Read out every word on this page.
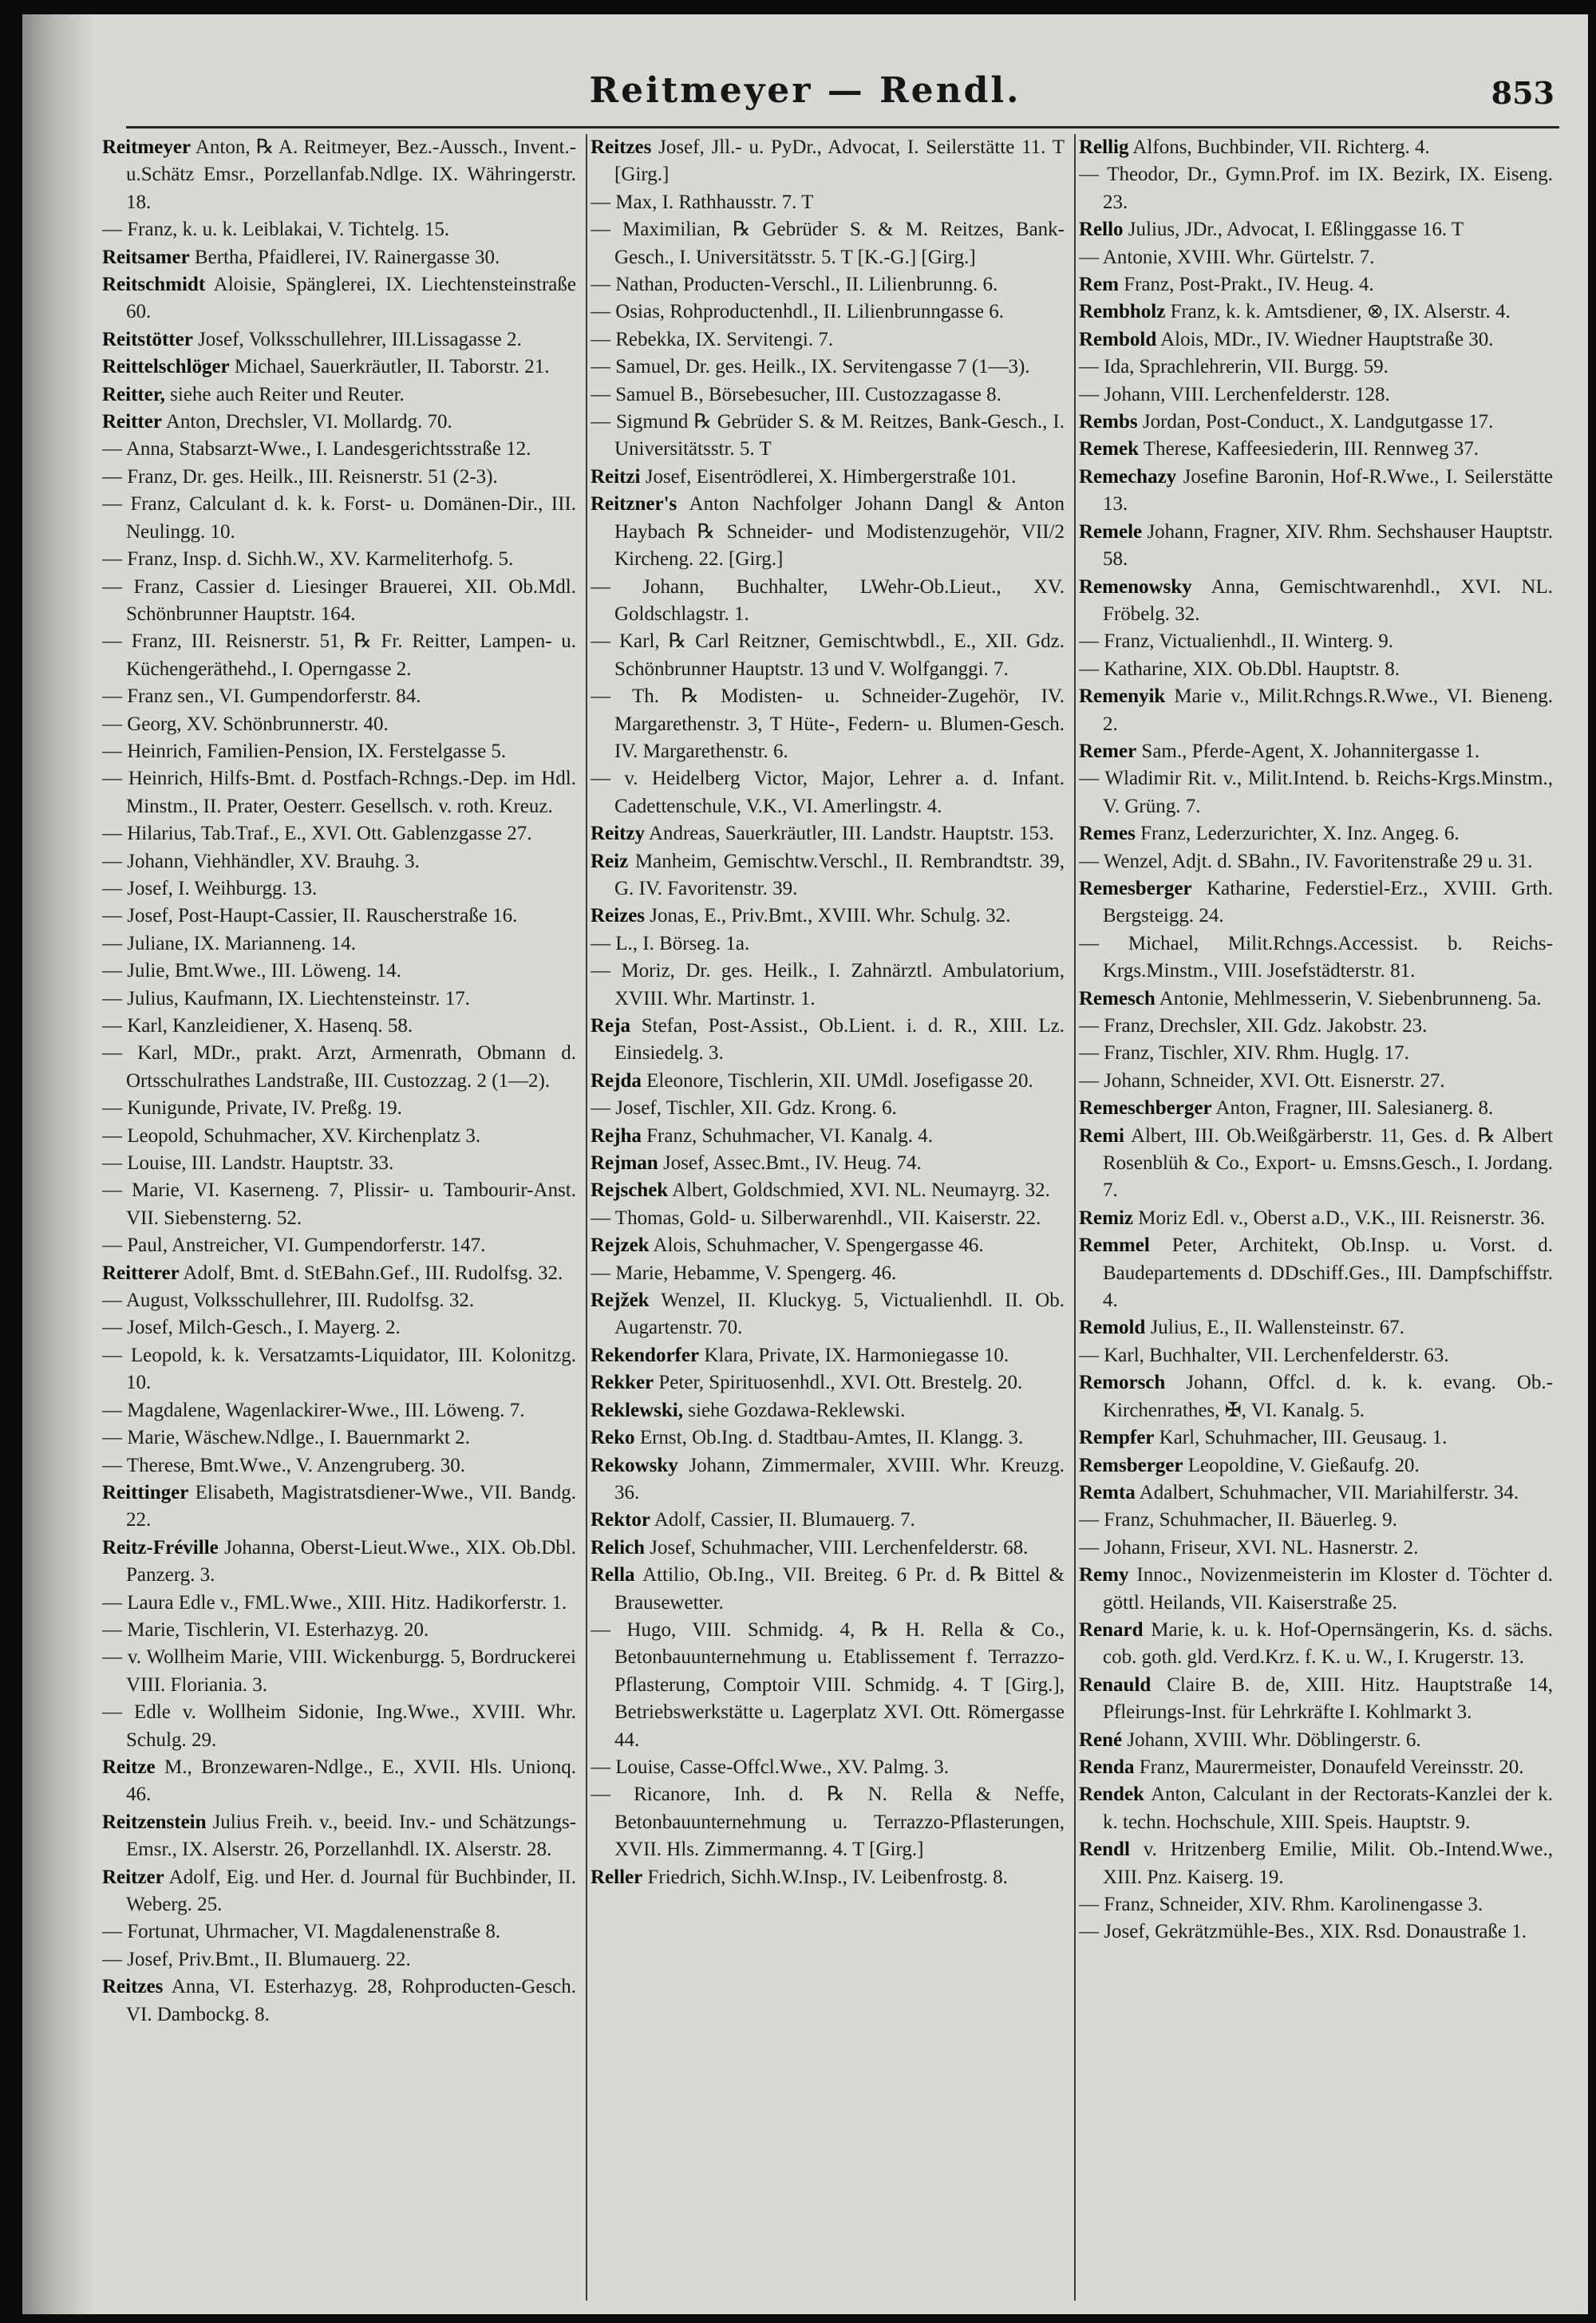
Reitmeyer — Rendl.	853

Reitmeyer Anton, ℞ A. Reitmeyer, Bez.-Aussch., Invent.-u.Schätz Emsr., Porzellanfab.Ndlge. IX. Währingerstr. 18.

— Franz, k. u. k. Leiblakai, V. Tichtelg. 15.

Reitsamer Bertha, Pfaidlerei, IV. Rainergasse 30.

Reitschmidt Aloisie, Spänglerei, IX. Liechtensteinstraße 60.

Reitstötter Josef, Volksschullehrer, III.Lissagasse 2.

Reittelschlöger Michael, Sauerkräutler, II. Taborstr. 21.

Reitter, siehe auch Reiter und Reuter.

Reitter Anton, Drechsler, VI. Mollardg. 70.

— Anna, Stabsarzt-Wwe., I. Landesgerichtsstraße 12.

— Franz, Dr. ges. Heilk., III. Reisnerstr. 51 (2-3).

— Franz, Calculant d. k. k. Forst- u. Domänen-Dir., III. Neulingg. 10.

— Franz, Insp. d. Sichh.W., XV. Karmeliterhofg. 5.

— Franz, Cassier d. Liesinger Brauerei, XII. Ob.Mdl. Schönbrunner Hauptstr. 164.

— Franz, III. Reisnerstr. 51, ℞ Fr. Reitter, Lampen- u. Küchengeräthehd., I. Operngasse 2.

— Franz sen., VI. Gumpendorferstr. 84.

— Georg, XV. Schönbrunnerstr. 40.

— Heinrich, Familien-Pension, IX. Ferstelgasse 5.

— Heinrich, Hilfs-Bmt. d. Postfach-Rchngs.-Dep. im Hdl. Minstm., II. Prater, Oesterr. Gesellsch. v. roth. Kreuz.

— Hilarius, Tab.Traf., E., XVI. Ott. Gablenzgasse 27.

— Johann, Viehhändler, XV. Brauhg. 3.

— Josef, I. Weihburgg. 13.

— Josef, Post-Haupt-Cassier, II. Rauscherstraße 16.

— Juliane, IX. Marianneng. 14.

— Julie, Bmt.Wwe., III. Löweng. 14.

— Julius, Kaufmann, IX. Liechtensteinstr. 17.

— Karl, Kanzleidiener, X. Hasenq. 58.

— Karl, MDr., prakt. Arzt, Armenrath, Obmann d. Ortsschulrathes Landstraße, III. Custozzag. 2 (1—2).

— Kunigunde, Private, IV. Preßg. 19.

— Leopold, Schuhmacher, XV. Kirchenplatz 3.

— Louise, III. Landstr. Hauptstr. 33.

— Marie, VI. Kaserneng. 7, Plissir- u. Tambourir-Anst. VII. Siebensterng. 52.

— Paul, Anstreicher, VI. Gumpendorferstr. 147.

Reitterer Adolf, Bmt. d. StEBahn.Gef., III. Rudolfsg. 32.

— August, Volksschullehrer, III. Rudolfsg. 32.

— Josef, Milch-Gesch., I. Mayerg. 2.

— Leopold, k. k. Versatzamts-Liquidator, III. Kolonitzg. 10.

— Magdalene, Wagenlackirer-Wwe., III. Löweng. 7.

— Marie, Wäschew.Ndlge., I. Bauernmarkt 2.

— Therese, Bmt.Wwe., V. Anzengruberg. 30.

Reittinger Elisabeth, Magistratsdiener-Wwe., VII. Bandg. 22.

Reitz-Fréville Johanna, Oberst-Lieut.Wwe., XIX. Ob.Dbl. Panzerg. 3.

— Laura Edle v., FML.Wwe., XIII. Hitz. Hadikorferstr. 1.

— Marie, Tischlerin, VI. Esterhazyg. 20.

— v. Wollheim Marie, VIII. Wickenburgg. 5, Bordruckerei VIII. Floriania. 3.

— Edle v. Wollheim Sidonie, Ing.Wwe., XVIII. Whr. Schulg. 29.

Reitze M., Bronzewaren-Ndlge., E., XVII. Hls. Unionq. 46.

Reitzenstein Julius Freih. v., beeid. Inv.- und Schätzungs-Emsr., IX. Alserstr. 26, Porzellanhdl. IX. Alserstr. 28.

Reitzer Adolf, Eig. und Her. d. Journal für Buchbinder, II. Weberg. 25.

— Fortunat, Uhrmacher, VI. Magdalenenstraße 8.

— Josef, Priv.Bmt., II. Blumauerg. 22.

Reitzes Anna, VI. Esterhazyg. 28, Rohproducten-Gesch. VI. Dambockg. 8.

Reitzes Josef, Jll.- u. PyDr., Advocat, I. Seilerstätte 11. T [Girg.]

— Max, I. Rathhausstr. 7. T

— Maximilian, ℞ Gebrüder S. & M. Reitzes, Bank-Gesch., I. Universitätsstr. 5. T [K.-G.] [Girg.]

— Nathan, Producten-Verschl., II. Lilienbrunng. 6.

— Osias, Rohproductenhdl., II. Lilienbrunngasse 6.

— Rebekka, IX. Servitengi. 7.

— Samuel, Dr. ges. Heilk., IX. Servitengasse 7 (1—3).

— Samuel B., Börsebesucher, III. Custozzagasse 8.

— Sigmund ℞ Gebrüder S. & M. Reitzes, Bank-Gesch., I. Universitätsstr. 5. T

Reitzi Josef, Eisentrödlerei, X. Himbergerstraße 101.

Reitzner's Anton Nachfolger Johann Dangl & Anton Haybach ℞ Schneider- und Modistenzugehör, VII/2 Kircheng. 22. [Girg.]

— Johann, Buchhalter, LWehr-Ob.Lieut., XV. Goldschlagstr. 1.

— Karl, ℞ Carl Reitzner, Gemischtwbdl., E., XII. Gdz. Schönbrunner Hauptstr. 13 und V. Wolfganggi. 7.

— Th. ℞ Modisten- u. Schneider-Zugehör, IV. Margarethenstr. 3, T Hüte-, Federn- u. Blumen-Gesch. IV. Margarethenstr. 6.

— v. Heidelberg Victor, Major, Lehrer a. d. Infant. Cadettenschule, V.K., VI. Amerlingstr. 4.

Reitzy Andreas, Sauerkräutler, III. Landstr. Hauptstr. 153.

Reiz Manheim, Gemischtw.Verschl., II. Rembrandtstr. 39, G. IV. Favoritenstr. 39.

Reizes Jonas, E., Priv.Bmt., XVIII. Whr. Schulg. 32.

— L., I. Börseg. 1a.

— Moriz, Dr. ges. Heilk., I. Zahnärztl. Ambulatorium, XVIII. Whr. Martinstr. 1.

Reja Stefan, Post-Assist., Ob.Lient. i. d. R., XIII. Lz. Einsiedelg. 3.

Rejda Eleonore, Tischlerin, XII. UMdl. Josefigasse 20.

— Josef, Tischler, XII. Gdz. Krong. 6.

Rejha Franz, Schuhmacher, VI. Kanalg. 4.

Rejman Josef, Assec.Bmt., IV. Heug. 74.

Rejschek Albert, Goldschmied, XVI. NL. Neumayrg. 32.

— Thomas, Gold- u. Silberwarenhdl., VII. Kaiserstr. 22.

Rejzek Alois, Schuhmacher, V. Spengergasse 46.

— Marie, Hebamme, V. Spengerg. 46.

Rejžek Wenzel, II. Kluckyg. 5, Victualienhdl. II. Ob. Augartenstr. 70.

Rekendorfer Klara, Private, IX. Harmoniegasse 10.

Rekker Peter, Spirituosenhdl., XVI. Ott. Brestelg. 20.

Reklewski, siehe Gozdawa-Reklewski.

Reko Ernst, Ob.Ing. d. Stadtbau-Amtes, II. Klangg. 3.

Rekowsky Johann, Zimmermaler, XVIII. Whr. Kreuzg. 36.

Rektor Adolf, Cassier, II. Blumauerg. 7.

Relich Josef, Schuhmacher, VIII. Lerchenfelderstr. 68.

Rella Attilio, Ob.Ing., VII. Breiteg. 6 Pr. d. ℞ Bittel & Brausewetter.

— Hugo, VIII. Schmidg. 4, ℞ H. Rella & Co., Betonbauunternehmung u. Etablissement f. Terrazzo-Pflasterung, Comptoir VIII. Schmidg. 4. T [Girg.], Betriebswerkstätte u. Lagerplatz XVI. Ott. Römergasse 44.

— Louise, Casse-Offcl.Wwe., XV. Palmg. 3.

— Ricanore, Inh. d. ℞ N. Rella & Neffe, Betonbauunternehmung u. Terrazzo-Pflasterungen, XVII. Hls. Zimmermanng. 4. T [Girg.]

Reller Friedrich, Sichh.W.Insp., IV. Leibenfrostg. 8.

Rellig Alfons, Buchbinder, VII. Richterg. 4.

— Theodor, Dr., Gymn.Prof. im IX. Bezirk, IX. Eiseng. 23.

Rello Julius, JDr., Advocat, I. Eßlinggasse 16. T

— Antonie, XVIII. Whr. Gürtelstr. 7.

Rem Franz, Post-Prakt., IV. Heug. 4.

Rembholz Franz, k. k. Amtsdiener, ⊗, IX. Alserstr. 4.

Rembold Alois, MDr., IV. Wiedner Hauptstraße 30.

— Ida, Sprachlehrerin, VII. Burgg. 59.

— Johann, VIII. Lerchenfelderstr. 128.

Rembs Jordan, Post-Conduct., X. Landgutgasse 17.

Remek Therese, Kaffeesiederin, III. Rennweg 37.

Remechazy Josefine Baronin, Hof-R.Wwe., I. Seilerstätte 13.

Remele Johann, Fragner, XIV. Rhm. Sechshauser Hauptstr. 58.

Remenowsky Anna, Gemischtwarenhdl., XVI. NL. Fröbelg. 32.

— Franz, Victualienhdl., II. Winterg. 9.

— Katharine, XIX. Ob.Dbl. Hauptstr. 8.

Remenyik Marie v., Milit.Rchngs.R.Wwe., VI. Bieneng. 2.

Remer Sam., Pferde-Agent, X. Johannitergasse 1.

— Wladimir Rit. v., Milit.Intend. b. Reichs-Krgs.Minstm., V. Grüng. 7.

Remes Franz, Lederzurichter, X. Inz. Angeg. 6.

— Wenzel, Adjt. d. SBahn., IV. Favoritenstraße 29 u. 31.

Remesberger Katharine, Federstiel-Erz., XVIII. Grth. Bergsteigg. 24.

— Michael, Milit.Rchngs.Accessist. b. Reichs-Krgs.Minstm., VIII. Josefstädterstr. 81.

Remesch Antonie, Mehlmesserin, V. Siebenbrunneng. 5a.

— Franz, Drechsler, XII. Gdz. Jakobstr. 23.

— Franz, Tischler, XIV. Rhm. Huglg. 17.

— Johann, Schneider, XVI. Ott. Eisnerstr. 27.

Remeschberger Anton, Fragner, III. Salesianerg. 8.

Remi Albert, III. Ob.Weißgärberstr. 11, Ges. d. ℞ Albert Rosenblüh & Co., Export- u. Emsns.Gesch., I. Jordang. 7.

Remiz Moriz Edl. v., Oberst a.D., V.K., III. Reisnerstr. 36.

Remmel Peter, Architekt, Ob.Insp. u. Vorst. d. Baudepartements d. DDschiff.Ges., III. Dampfschiffstr. 4.

Remold Julius, E., II. Wallensteinstr. 67.

— Karl, Buchhalter, VII. Lerchenfelderstr. 63.

Remorsch Johann, Offcl. d. k. k. evang. Ob.-Kirchenrathes, ✠, VI. Kanalg. 5.

Rempfer Karl, Schuhmacher, III. Geusaug. 1.

Remsberger Leopoldine, V. Gießaufg. 20.

Remta Adalbert, Schuhmacher, VII. Mariahilferstr. 34.

— Franz, Schuhmacher, II. Bäuerleg. 9.

— Johann, Friseur, XVI. NL. Hasnerstr. 2.

Remy Innoc., Novizenmeisterin im Kloster d. Töchter d. göttl. Heilands, VII. Kaiserstraße 25.

Renard Marie, k. u. k. Hof-Opernsängerin, Ks. d. sächs. cob. goth. gld. Verd.Krz. f. K. u. W., I. Krugerstr. 13.

Renauld Claire B. de, XIII. Hitz. Hauptstraße 14, Pfleirungs-Inst. für Lehrkräfte I. Kohlmarkt 3.

René Johann, XVIII. Whr. Döblingerstr. 6.

Renda Franz, Maurermeister, Donaufeld Vereinsstr. 20.

Rendek Anton, Calculant in der Rectorats-Kanzlei der k. k. techn. Hochschule, XIII. Speis. Hauptstr. 9.

Rendl v. Hritzenberg Emilie, Milit. Ob.-Intend.Wwe., XIII. Pnz. Kaiserg. 19.

— Franz, Schneider, XIV. Rhm. Karolinengasse 3.

— Josef, Gekrätzmühle-Bes., XIX. Rsd. Donaustraße 1.
